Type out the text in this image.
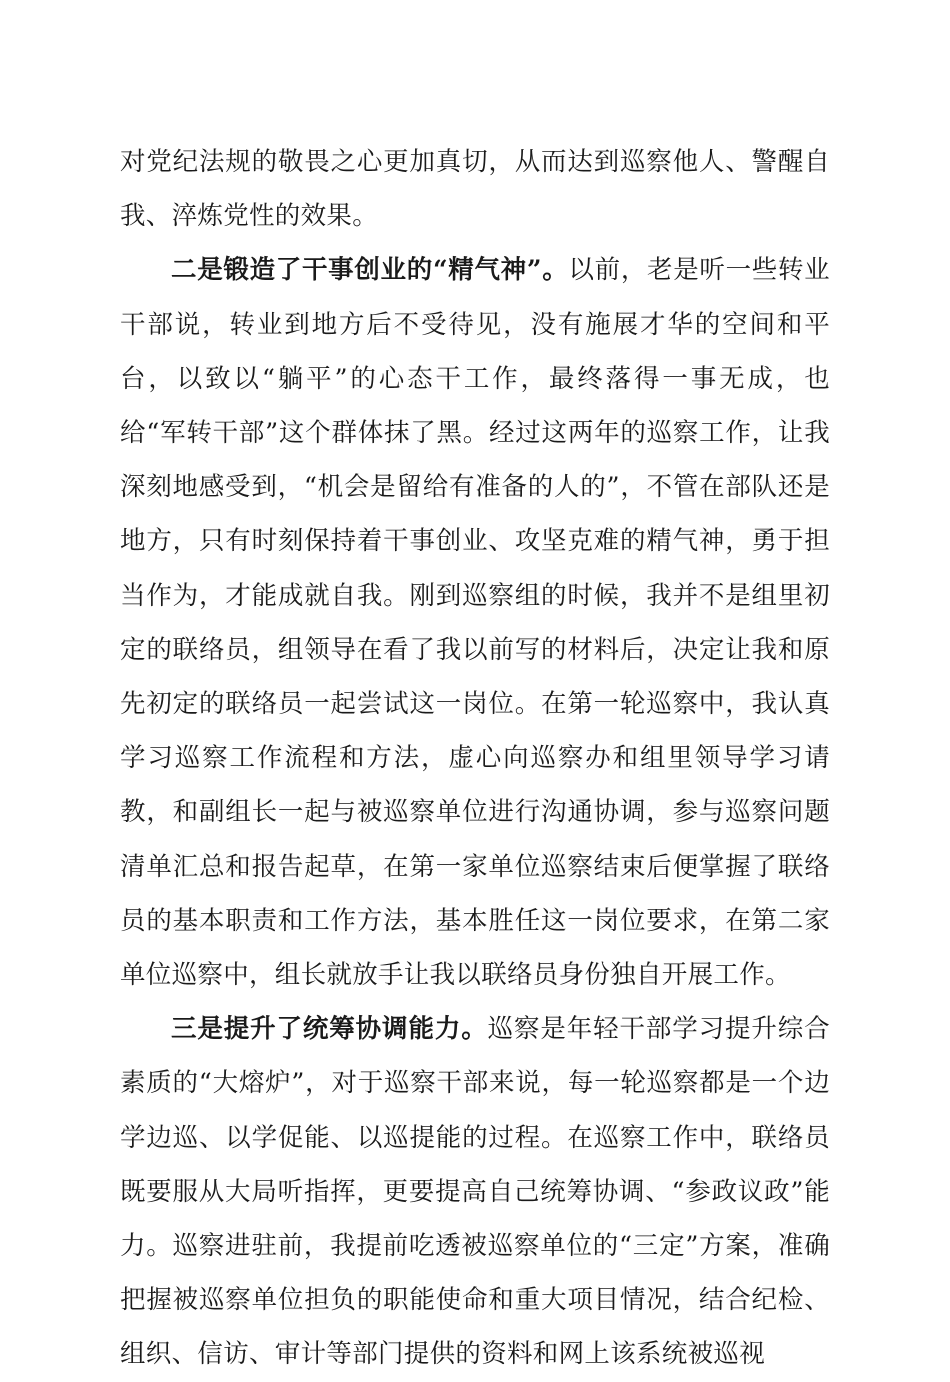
对党纪法规的敬畏之心更加真切，从而达到巡察他人、警醒自我、淬炼党性的效果。

二是锻造了干事创业的“精气神”。以前，老是听一些转业干部说，转业到地方后不受待见，没有施展才华的空间和平台，以致以“躺平”的心态干工作，最终落得一事无成，也给“军转干部”这个群体抹了黑。经过这两年的巡察工作，让我深刻地感受到，“机会是留给有准备的人的”，不管在部队还是地方，只有时刻保持着干事创业、攻坚克难的精气神，勇于担当作为，才能成就自我。刚到巡察组的时候，我并不是组里初定的联络员，组领导在看了我以前写的材料后，决定让我和原先初定的联络员一起尝试这一岗位。在第一轮巡察中，我认真学习巡察工作流程和方法，虚心向巡察办和组里领导学习请教，和副组长一起与被巡察单位进行沟通协调，参与巡察问题清单汇总和报告起草，在第一家单位巡察结束后便掌握了联络员的基本职责和工作方法，基本胜任这一岗位要求，在第二家单位巡察中，组长就放手让我以联络员身份独自开展工作。

三是提升了统筹协调能力。巡察是年轻干部学习提升综合素质的“大熔炉”，对于巡察干部来说，每一轮巡察都是一个边学边巡、以学促能、以巡提能的过程。在巡察工作中，联络员既要服从大局听指挥，更要提高自己统筹协调、“参政议政”能力。巡察进驻前，我提前吃透被巡察单位的“三定”方案，准确把握被巡察单位担负的职能使命和重大项目情况，结合纪检、组织、信访、审计等部门提供的资料和网上该系统被巡视
